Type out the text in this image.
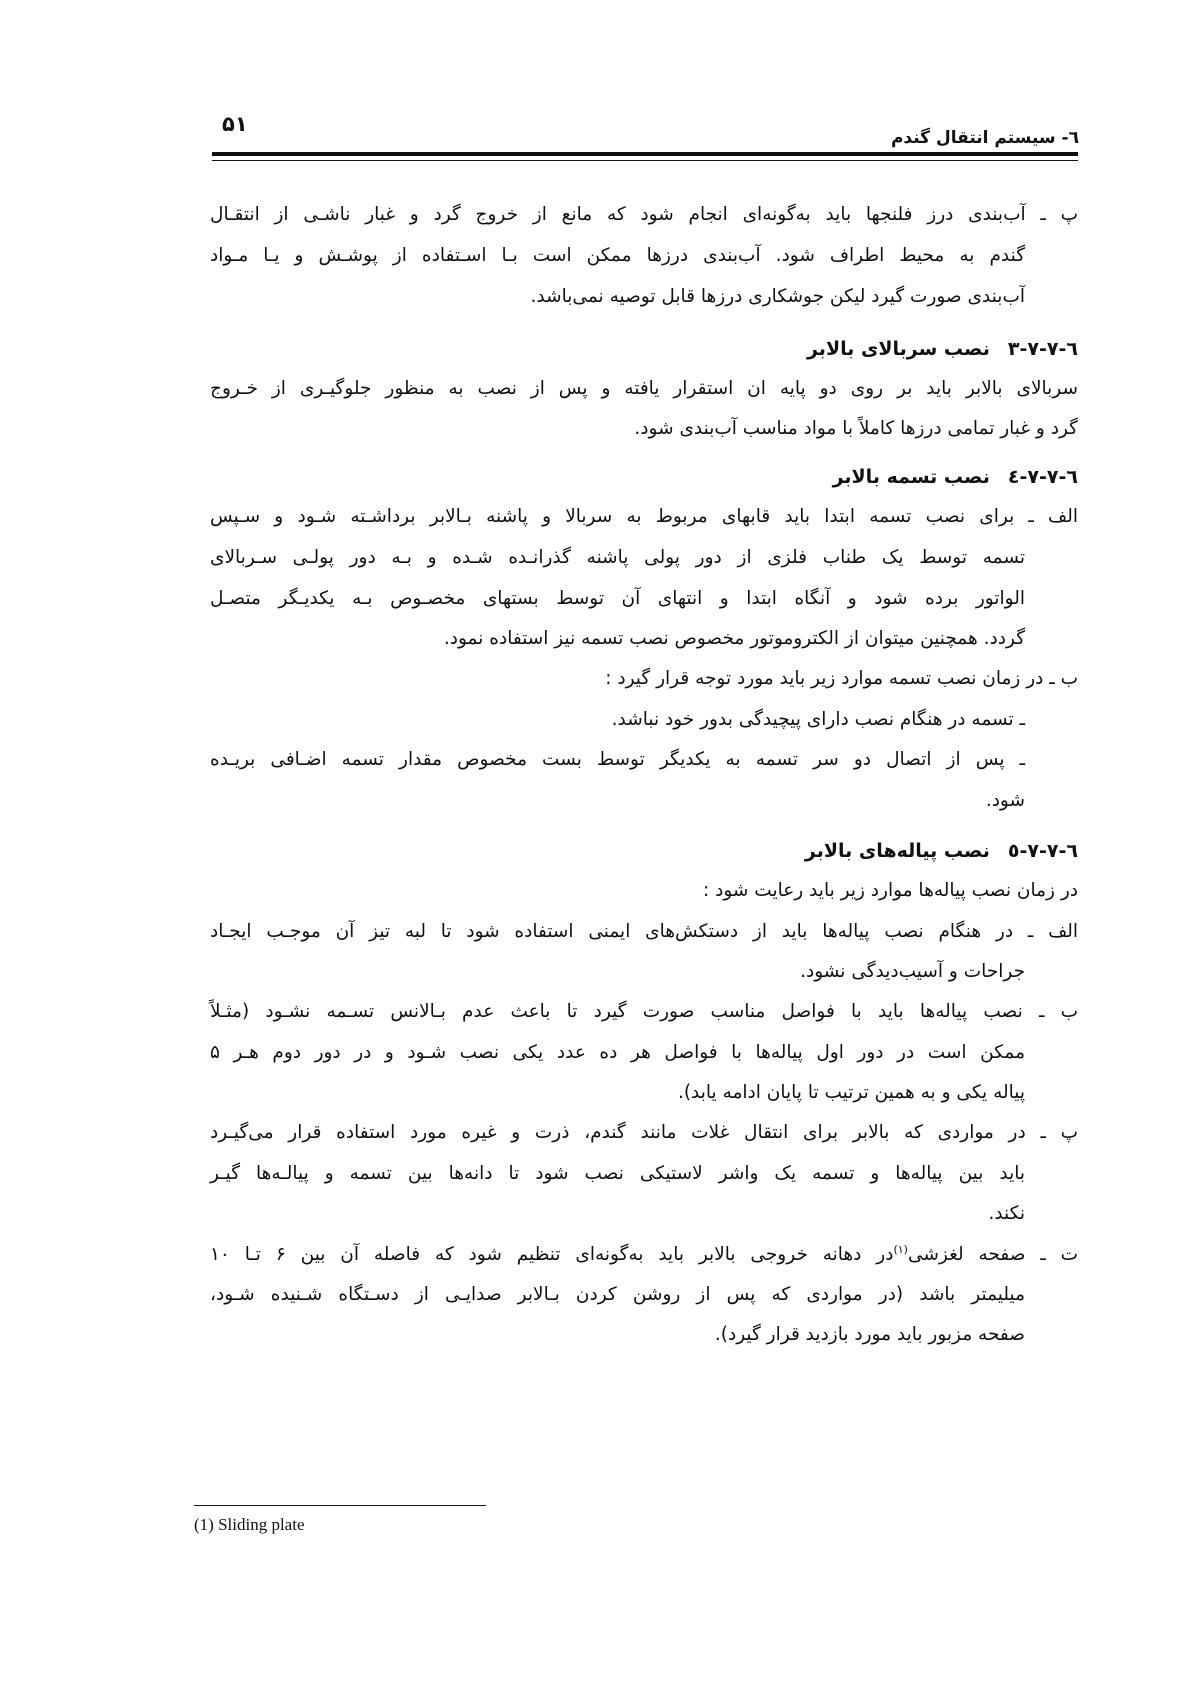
۵۱
٦- سیستم انتقال گندم
پ ـ آب‌بندی درز فلنجها باید به‌گونه‌ای انجام شود که مانع از خروج گرد و غبار ناشـی از انتقـال
گندم به محیط اطراف شود. آب‌بندی درزها ممکن است بـا اسـتفاده از پوشـش و یـا مـواد
آب‌بندی صورت گیرد لیکن جوشکاری درزها قابل توصیه نمی‌باشد.
٦-٧-٧-٣نصب سربالای بالابر
سربالای بالابر باید بر روی دو پایه ان استقرار یافته و پس از نصب به منظور جلوگیـری از خـروج
گرد و غبار تمامی درزها کاملاً با مواد مناسب آب‌بندی شود.
٦-٧-٧-٤نصب تسمه بالابر
الف ـ برای نصب تسمه ابتدا باید قابهای مربوط به سربالا و پاشنه بـالابر برداشـته شـود و سـپس
تسمه توسط یک طناب فلزی از دور پولی پاشنه گذرانـده شـده و بـه دور پولـی سـربالای
الواتور برده شود و آنگاه ابتدا و انتهای آن توسط بستهای مخصـوص بـه یکدیـگر متصـل
گردد. همچنین میتوان از الکتروموتور مخصوص نصب تسمه نیز استفاده نمود.
ب ـ در زمان نصب تسمه موارد زیر باید مورد توجه قرار گیرد :
ـ تسمه در هنگام نصب دارای پیچیدگی بدور خود نباشد.
ـ پس از اتصال دو سر تسمه به یکدیگر توسط بست مخصوص مقدار تسمه اضـافی بریـده
شود.
٦-٧-٧-٥نصب پیاله‌های بالابر
در زمان نصب پیاله‌ها موارد زیر باید رعایت شود :
الف ـ در هنگام نصب پیاله‌ها باید از دستکش‌های ایمنی استفاده شود تا لبه تیز آن موجـب ایجـاد
جراحات و آسیب‌دیدگی نشود.
ب ـ نصب پیاله‌ها باید با فواصل مناسب صورت گیرد تا باعث عدم بـالانس تسـمه نشـود (مثـلاً
ممکن است در دور اول پیاله‌ها با فواصل هر ده عدد یکی نصب شـود و در دور دوم هـر ۵
پیاله یکی و به همین ترتیب تا پایان ادامه یابد).
پ ـ در مواردی که بالابر برای انتقال غلات مانند گندم، ذرت و غیره مورد استفاده قرار می‌گیـرد
باید بین پیاله‌ها و تسمه یک واشر لاستیکی نصب شود تا دانه‌ها بین تسمه و پیالـه‌ها گیـر
نکند.
ت ـ صفحه لغزشی$^{(۱)}$در دهانه خروجی بالابر باید به‌گونه‌ای تنظیم شود که فاصله آن بین ۶ تـا ۱۰
میلیمتر باشد (در مواردی که پس از روشن کردن بـالابر صدایـی از دسـتگاه شـنیده شـود،
صفحه مزبور باید مورد بازدید قرار گیرد).
(1) Sliding plate
